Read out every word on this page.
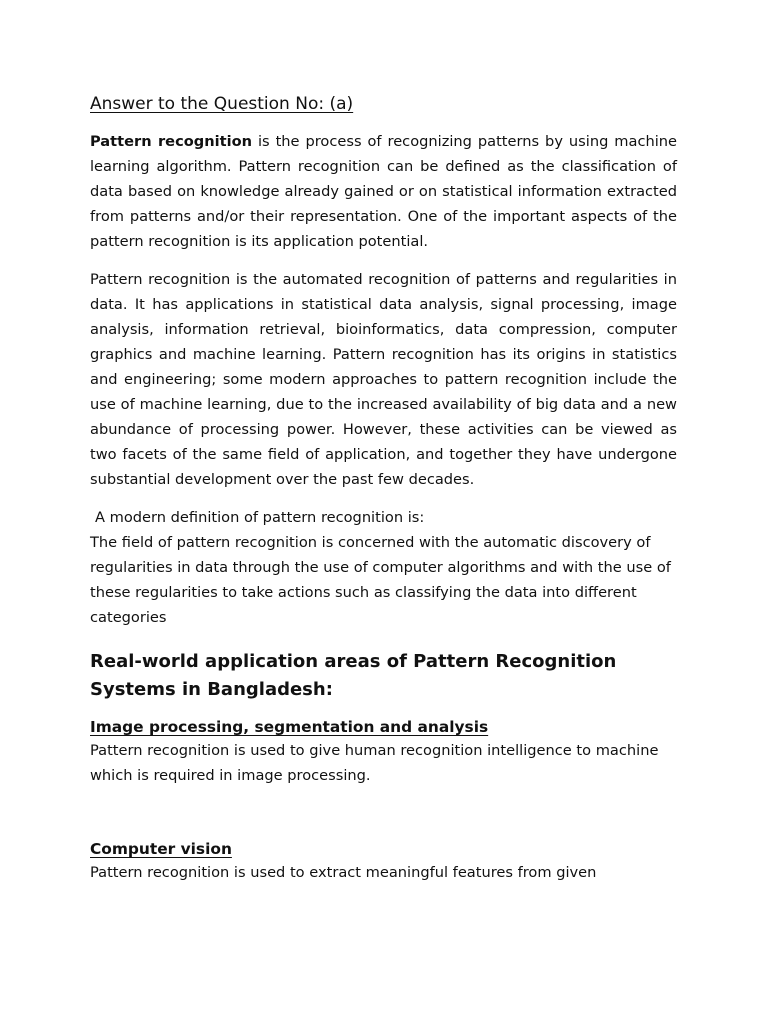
Answer to the Question No: (a)

Pattern recognition is the process of recognizing patterns by using machine learning algorithm. Pattern recognition can be defined as the classification of data based on knowledge already gained or on statistical information extracted from patterns and/or their representation. One of the important aspects of the pattern recognition is its application potential.

Pattern recognition is the automated recognition of patterns and regularities in data. It has applications in statistical data analysis, signal processing, image analysis, information retrieval, bioinformatics, data compression, computer graphics and machine learning. Pattern recognition has its origins in statistics and engineering; some modern approaches to pattern recognition include the use of machine learning, due to the increased availability of big data and a new abundance of processing power. However, these activities can be viewed as two facets of the same field of application, and together they have undergone substantial development over the past few decades.

A modern definition of pattern recognition is:

The field of pattern recognition is concerned with the automatic discovery of regularities in data through the use of computer algorithms and with the use of these regularities to take actions such as classifying the data into different categories

Real-world application areas of Pattern Recognition Systems in Bangladesh:

Image processing, segmentation and analysis

Pattern recognition is used to give human recognition intelligence to machine which is required in image processing.

Computer vision

Pattern recognition is used to extract meaningful features from given
